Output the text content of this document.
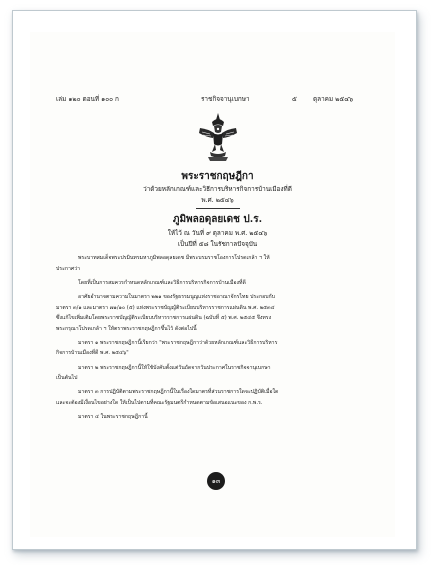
เล่ม ๑๒๐ ตอนที่ ๑๐๐ ก	ราชกิจจานุเบกษา	๕	ตุลาคม ๒๕๔๖
พระราชกฤษฎีกา
ว่าด้วยหลักเกณฑ์และวิธีการบริหารกิจการบ้านเมืองที่ดี
พ.ศ. ๒๕๔๖
ภูมิพลอดุลยเดช ป.ร.
ให้ไว้ ณ วันที่ ๙ ตุลาคม พ.ศ. ๒๕๔๖
เป็นปีที่ ๕๘ ในรัชกาลปัจจุบัน

พระบาทสมเด็จพระปรมินทรมหาภูมิพลอดุลยเดช มีพระบรมราชโองการโปรดเกล้า ฯ ให้

ประกาศว่า

โดยที่เป็นการสมควรกำหนดหลักเกณฑ์และวิธีการบริหารกิจการบ้านเมืองที่ดี

อาศัยอำนาจตามความในมาตรา ๒๒๑ ของรัฐธรรมนูญแห่งราชอาณาจักรไทย ประกอบกับ

มาตรา ๓/๑ และมาตรา ๗๑/๑๐ (๕) แห่งพระราชบัญญัติระเบียบบริหารราชการแผ่นดิน พ.ศ. ๒๕๓๔

ซึ่งแก้ไขเพิ่มเติมโดยพระราชบัญญัติระเบียบบริหารราชการแผ่นดิน (ฉบับที่ ๕) พ.ศ. ๒๕๔๕ จึงทรง

พระกรุณาโปรดเกล้า ฯ ให้ตราพระราชกฤษฎีกาขึ้นไว้ ดังต่อไปนี้

มาตรา ๑ พระราชกฤษฎีกานี้เรียกว่า "พระราชกฤษฎีกาว่าด้วยหลักเกณฑ์และวิธีการบริหาร

กิจการบ้านเมืองที่ดี พ.ศ. ๒๕๔๖"

มาตรา ๒ พระราชกฤษฎีกานี้ให้ใช้บังคับตั้งแต่วันถัดจากวันประกาศในราชกิจจานุเบกษา

เป็นต้นไป

มาตรา ๓ การปฏิบัติตามพระราชกฤษฎีกานี้ในเรื่องใดมาตรที่ส่วนราชการใดจะปฏิบัติเมื่อใด

และจะต้องมีเงื่อนไขอย่างใด ให้เป็นไปตามที่คณะรัฐมนตรีกำหนดตามข้อเสนอแนะของ ก.พ.ร.

มาตรา ๔ ในพระราชกฤษฎีกานี้

๑๓
